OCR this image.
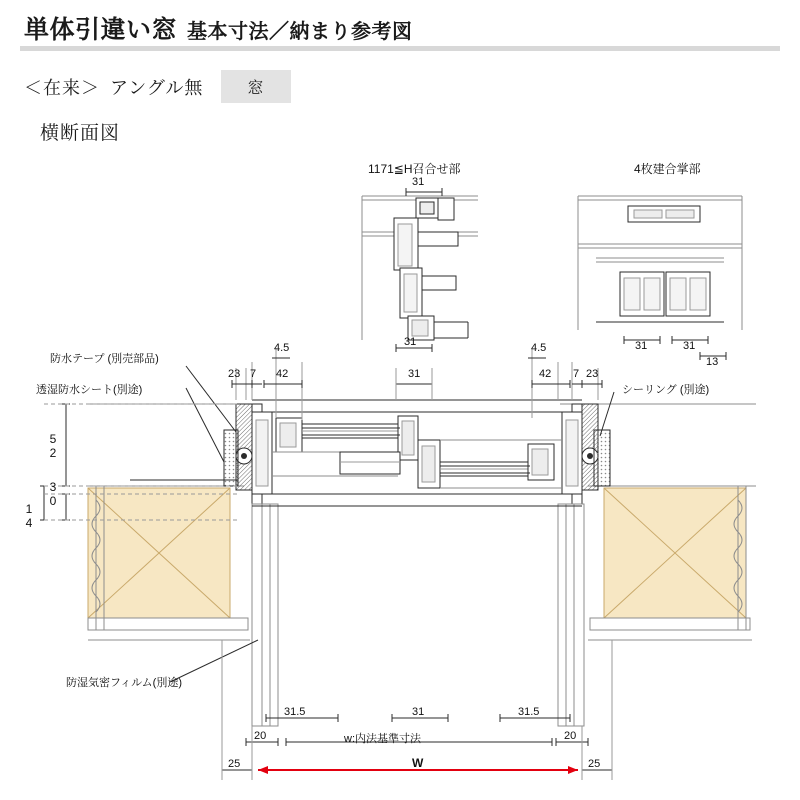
単体引違い窓 基本寸法／納まり参考図
＜在来＞ アングル無	窓
横断面図
1171≦H召合せ部	4枚建合掌部
31
31	31	31
13
防水テープ (別売部品)
透湿防水シート(別途)	シーリング (別途)
防湿気密フィルム(別途)
4.5
23 7 42	31
4.5
42 7 23
52
30
14
31.5	31	31.5
20	w:内法基準寸法	20
25	W	25
